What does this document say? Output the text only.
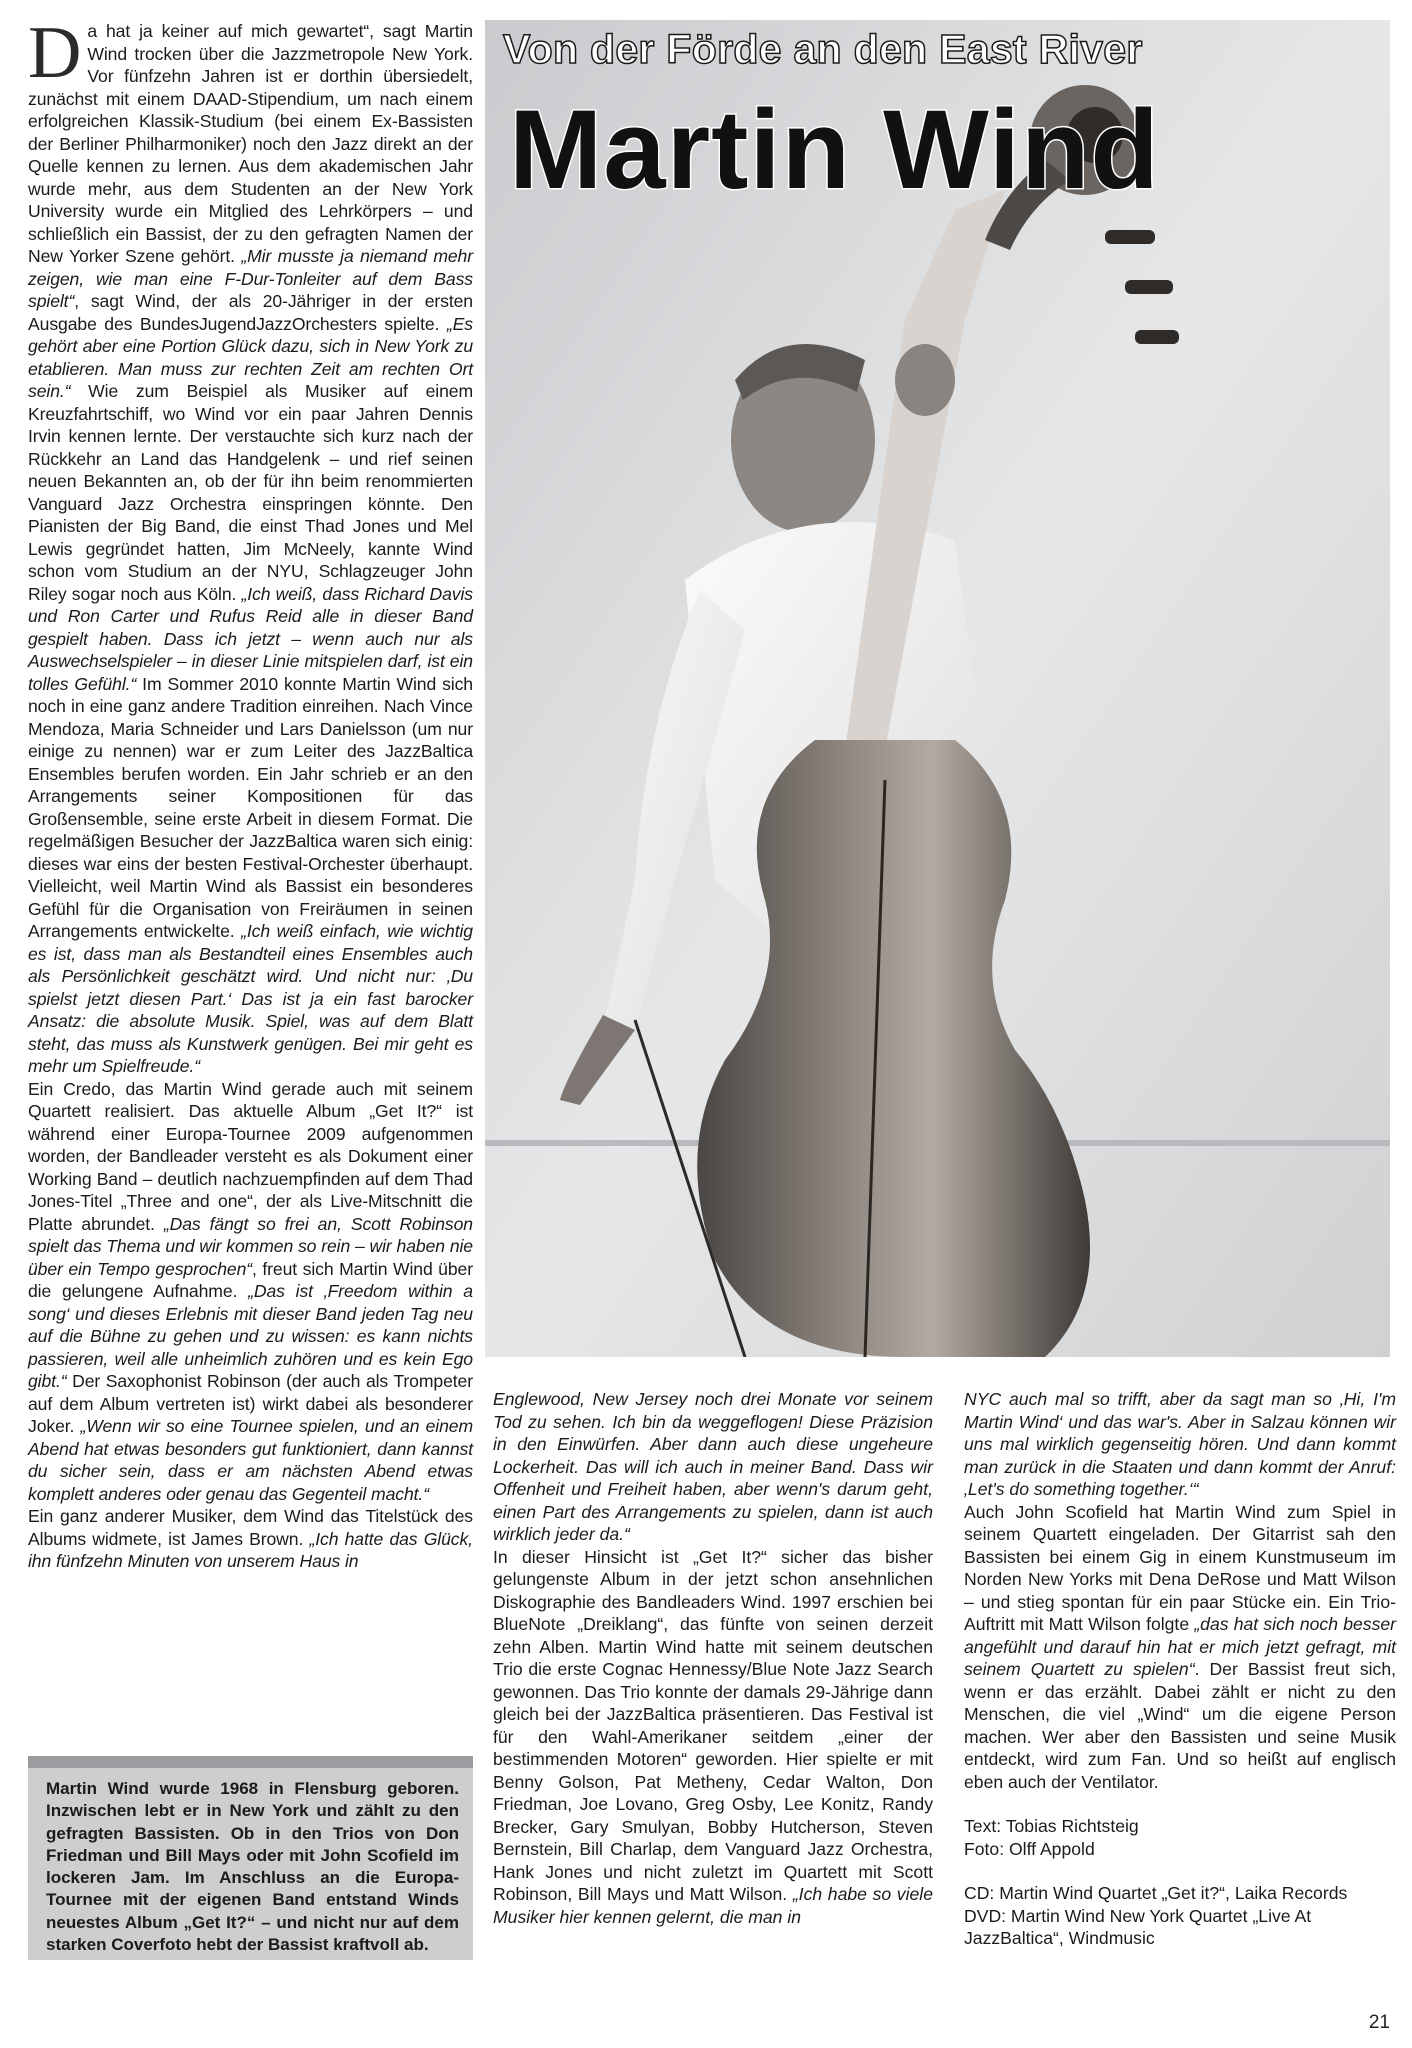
Da hat ja keiner auf mich gewartet“, sagt Martin Wind trocken über die Jazzmetropole New York. Vor fünfzehn Jahren ist er dorthin übersiedelt, zunächst mit einem DAAD-Stipendium, um nach einem erfolgreichen Klassik-Studium (bei einem Ex-Bassisten der Berliner Philharmoniker) noch den Jazz direkt an der Quelle kennen zu lernen. Aus dem akademischen Jahr wurde mehr, aus dem Studenten an der New York University wurde ein Mitglied des Lehrkörpers – und schließlich ein Bassist, der zu den gefragten Namen der New Yorker Szene gehört. „Mir musste ja niemand mehr zeigen, wie man eine F-Dur-Tonleiter auf dem Bass spielt“, sagt Wind, der als 20-Jähriger in der ersten Ausgabe des BundesJugendJazzOrchesters spielte. „Es gehört aber eine Portion Glück dazu, sich in New York zu etablieren. Man muss zur rechten Zeit am rechten Ort sein.“ Wie zum Beispiel als Musiker auf einem Kreuzfahrtschiff, wo Wind vor ein paar Jahren Dennis Irvin kennen lernte. Der verstauchte sich kurz nach der Rückkehr an Land das Handgelenk – und rief seinen neuen Bekannten an, ob der für ihn beim renommierten Vanguard Jazz Orchestra einspringen könnte. Den Pianisten der Big Band, die einst Thad Jones und Mel Lewis gegründet hatten, Jim McNeely, kannte Wind schon vom Studium an der NYU, Schlagzeuger John Riley sogar noch aus Köln. „Ich weiß, dass Richard Davis und Ron Carter und Rufus Reid alle in dieser Band gespielt haben. Dass ich jetzt – wenn auch nur als Auswechselspieler – in dieser Linie mitspielen darf, ist ein tolles Gefühl.“ Im Sommer 2010 konnte Martin Wind sich noch in eine ganz andere Tradition einreihen. Nach Vince Mendoza, Maria Schneider und Lars Danielsson (um nur einige zu nennen) war er zum Leiter des JazzBaltica Ensembles berufen worden. Ein Jahr schrieb er an den Arrangements seiner Kompositionen für das Großensemble, seine erste Arbeit in diesem Format. Die regelmäßigen Besucher der JazzBaltica waren sich einig: dieses war eins der besten Festival-Orchester überhaupt. Vielleicht, weil Martin Wind als Bassist ein besonderes Gefühl für die Organisation von Freiräumen in seinen Arrangements entwickelte. „Ich weiß einfach, wie wichtig es ist, dass man als Bestandteil eines Ensembles auch als Persönlichkeit geschätzt wird. Und nicht nur: ‚Du spielst jetzt diesen Part.‘ Das ist ja ein fast barocker Ansatz: die absolute Musik. Spiel, was auf dem Blatt steht, das muss als Kunstwerk genügen. Bei mir geht es mehr um Spielfreude.“

Ein Credo, das Martin Wind gerade auch mit seinem Quartett realisiert. Das aktuelle Album „Get It?“ ist während einer Europa-Tournee 2009 aufgenommen worden, der Bandleader versteht es als Dokument einer Working Band – deutlich nachzuempfinden auf dem Thad Jones-Titel „Three and one“, der als Live-Mitschnitt die Platte abrundet. „Das fängt so frei an, Scott Robinson spielt das Thema und wir kommen so rein – wir haben nie über ein Tempo gesprochen“, freut sich Martin Wind über die gelungene Aufnahme. „Das ist ‚Freedom within a song‘ und dieses Erlebnis mit dieser Band jeden Tag neu auf die Bühne zu gehen und zu wissen: es kann nichts passieren, weil alle unheimlich zuhören und es kein Ego gibt.“ Der Saxophonist Robinson (der auch als Trompeter auf dem Album vertreten ist) wirkt dabei als besonderer Joker. „Wenn wir so eine Tournee spielen, und an einem Abend hat etwas besonders gut funktioniert, dann kannst du sicher sein, dass er am nächsten Abend etwas komplett anderes oder genau das Gegenteil macht.“

Ein ganz anderer Musiker, dem Wind das Titelstück des Albums widmete, ist James Brown. „Ich hatte das Glück, ihn fünfzehn Minuten von unserem Haus in

Von der Förde an den East River
Martin Wind
Martin Wind wurde 1968 in Flensburg geboren. Inzwischen lebt er in New York und zählt zu den gefragten Bassisten. Ob in den Trios von Don Friedman und Bill Mays oder mit John Scofield im lockeren Jam. Im Anschluss an die Europa-Tournee mit der eigenen Band entstand Winds neuestes Album „Get It?“ – und nicht nur auf dem starken Coverfoto hebt der Bassist kraftvoll ab.

Englewood, New Jersey noch drei Monate vor seinem Tod zu sehen. Ich bin da weggeflogen! Diese Präzision in den Einwürfen. Aber dann auch diese ungeheure Lockerheit. Das will ich auch in meiner Band. Dass wir Offenheit und Freiheit haben, aber wenn's darum geht, einen Part des Arrangements zu spielen, dann ist auch wirklich jeder da.“

In dieser Hinsicht ist „Get It?“ sicher das bisher gelungenste Album in der jetzt schon ansehnlichen Diskographie des Bandleaders Wind. 1997 erschien bei BlueNote „Dreiklang“, das fünfte von seinen derzeit zehn Alben. Martin Wind hatte mit seinem deutschen Trio die erste Cognac Hennessy/Blue Note Jazz Search gewonnen. Das Trio konnte der damals 29-Jährige dann gleich bei der JazzBaltica präsentieren. Das Festival ist für den Wahl-Amerikaner seitdem „einer der bestimmenden Motoren“ geworden. Hier spielte er mit Benny Golson, Pat Metheny, Cedar Walton, Don Friedman, Joe Lovano, Greg Osby, Lee Konitz, Randy Brecker, Gary Smulyan, Bobby Hutcherson, Steven Bernstein, Bill Charlap, dem Vanguard Jazz Orchestra, Hank Jones und nicht zuletzt im Quartett mit Scott Robinson, Bill Mays und Matt Wilson. „Ich habe so viele Musiker hier kennen gelernt, die man in

NYC auch mal so trifft, aber da sagt man so ‚Hi, I'm Martin Wind‘ und das war's. Aber in Salzau können wir uns mal wirklich gegenseitig hören. Und dann kommt man zurück in die Staaten und dann kommt der Anruf: ‚Let's do something together.‘“

Auch John Scofield hat Martin Wind zum Spiel in seinem Quartett eingeladen. Der Gitarrist sah den Bassisten bei einem Gig in einem Kunstmuseum im Norden New Yorks mit Dena DeRose und Matt Wilson – und stieg spontan für ein paar Stücke ein. Ein Trio-Auftritt mit Matt Wilson folgte „das hat sich noch besser angefühlt und darauf hin hat er mich jetzt gefragt, mit seinem Quartett zu spielen“. Der Bassist freut sich, wenn er das erzählt. Dabei zählt er nicht zu den Menschen, die viel „Wind“ um die eigene Person machen. Wer aber den Bassisten und seine Musik entdeckt, wird zum Fan. Und so heißt auf englisch eben auch der Ventilator.

Text: Tobias Richtsteig
Foto: Olff Appold

CD: Martin Wind Quartet „Get it?“, Laika Records
DVD: Martin Wind New York Quartet „Live At JazzBaltica“, Windmusic

21
